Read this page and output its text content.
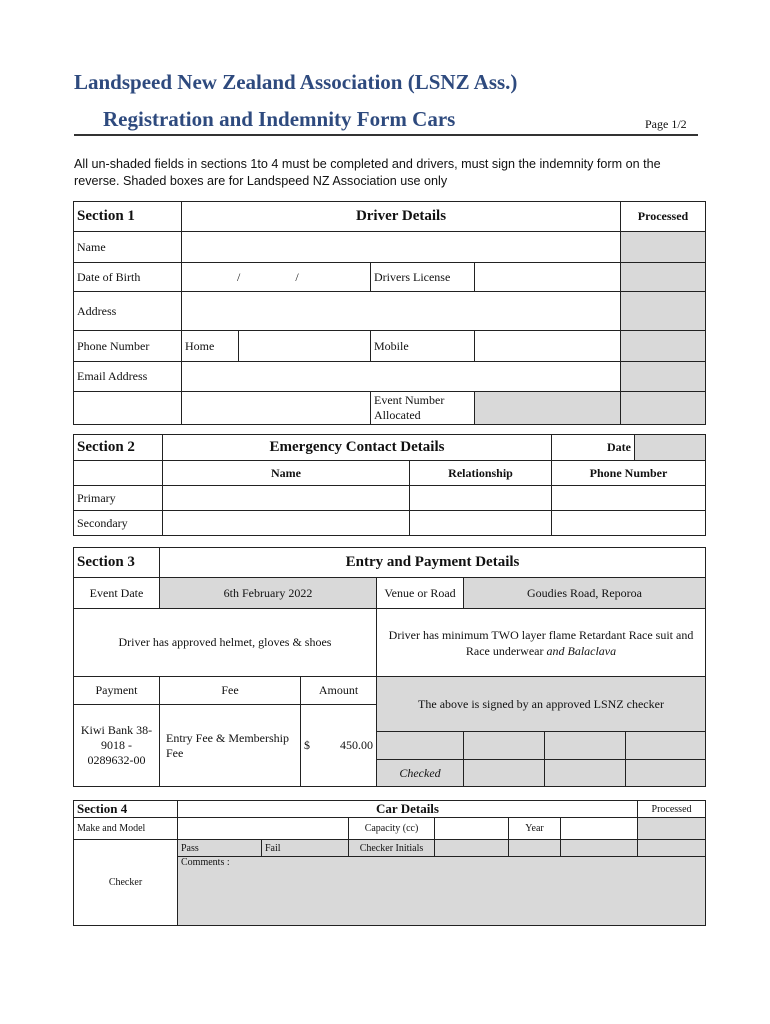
Landspeed New Zealand Association (LSNZ Ass.)
Registration and Indemnity Form Cars	Page 1/2
All un-shaded fields in sections 1to 4 must be completed and drivers, must sign the indemnity form on the reverse. Shaded boxes are for Landspeed NZ Association use only
Section 1	Driver Details				Processed
Name					
Date of Birth	/ /		Drivers License		
Address					
Phone Number	Home		Mobile		
Email Address					
			Event Number Allocated		
Section 2	Emergency Contact Details		Date	
	Name	Relationship	Phone Number	
Primary				
Secondary				
Section 3	Entry and Payment Details					
Event Date	6th February 2022		Venue or Road	Goudies Road, Reporoa		
Driver has approved helmet, gloves & shoes			Driver has minimum TWO layer flame Retardant Race suit and Race underwear and Balaclava			
Payment	Fee	Amount	The above is signed by an approved LSNZ checker			
Kiwi Bank 38-9018 - 0289632-00	Entry Fee & Membership Fee	$ 450.00				

			Checked			
Section 4	Car Details						Processed
Make and Model			Capacity (cc)		Year		
Checker	Pass	Fail	Checker Initials				
	Comments :						
